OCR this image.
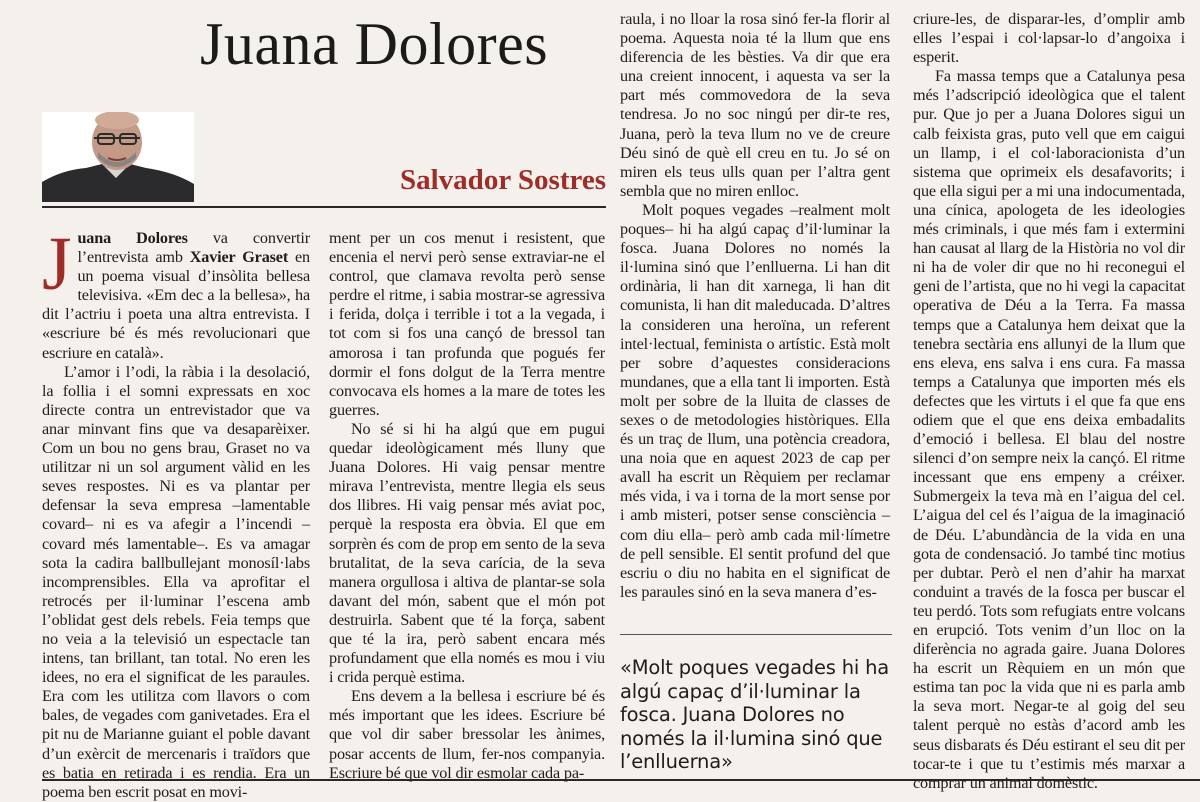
Juana Dolores
Salvador Sostres

Juana Dolores va convertir l’entrevista amb Xavier Graset en un poema visual d’insòlita bellesa televisiva. «Em dec a la bellesa», ha dit l’actriu i poeta una altra entrevista. I «escriure bé és més revolucionari que escriure en català».

L’amor i l’odi, la ràbia i la desolació, la follia i el somni expressats en xoc directe contra un entrevistador que va anar minvant fins que va desaparèixer. Com un bou no gens brau, Graset no va utilitzar ni un sol argument vàlid en les seves respostes. Ni es va plantar per defensar la seva empresa –lamentable covard– ni es va afegir a l’incendi –covard més lamentable–. Es va amagar sota la cadira ballbullejant monosíl·labs incomprensibles. Ella va aprofitar el retrocés per il·luminar l’escena amb l’oblidat gest dels rebels. Feia temps que no veia a la televisió un espectacle tan intens, tan brillant, tan total. No eren les idees, no era el significat de les paraules. Era com les utilitza com llavors o com bales, de vegades com ganivetades. Era el pit nu de Marianne guiant el poble davant d’un exèrcit de mercenaris i traïdors que es batia en retirada i es rendia. Era un poema ben escrit posat en movi-

ment per un cos menut i resistent, que encenia el nervi però sense extraviar-ne el control, que clamava revolta però sense perdre el ritme, i sabia mostrar-se agressiva i ferida, dolça i terrible i tot a la vegada, i tot com si fos una cançó de bressol tan amorosa i tan profunda que pogués fer dormir el fons dolgut de la Terra mentre convocava els homes a la mare de totes les guerres.

No sé si hi ha algú que em pugui quedar ideològicament més lluny que Juana Dolores. Hi vaig pensar mentre mirava l’entrevista, mentre llegia els seus dos llibres. Hi vaig pensar més aviat poc, perquè la resposta era òbvia. El que em sorprèn és com de prop em sento de la seva brutalitat, de la seva carícia, de la seva manera orgullosa i altiva de plantar-se sola davant del món, sabent que el món pot destruirla. Sabent que té la força, sabent que té la ira, però sabent encara més profundament que ella només es mou i viu i crida perquè estima.

Ens devem a la bellesa i escriure bé és més important que les idees. Escriure bé que vol dir saber bressolar les ànimes, posar accents de llum, fer-nos companyia. Escriure bé que vol dir esmolar cada pa-

raula, i no lloar la rosa sinó fer-la florir al poema. Aquesta noia té la llum que ens diferencia de les bèsties. Va dir que era una creient innocent, i aquesta va ser la part més commovedora de la seva tendresa. Jo no soc ningú per dir-te res, Juana, però la teva llum no ve de creure Déu sinó de què ell creu en tu. Jo sé on miren els teus ulls quan per l’altra gent sembla que no miren enlloc.

Molt poques vegades –realment molt poques– hi ha algú capaç d’il·luminar la fosca. Juana Dolores no només la il·lumina sinó que l’enlluerna. Li han dit ordinària, li han dit xarnega, li han dit comunista, li han dit maleducada. D’altres la consideren una heroïna, un referent intel·lectual, feminista o artístic. Està molt per sobre d’aquestes consideracions mundanes, que a ella tant li importen. Està molt per sobre de la lluita de classes de sexes o de metodologies històriques. Ella és un traç de llum, una potència creadora, una noia que en aquest 2023 de cap per avall ha escrit un Rèquiem per reclamar més vida, i va i torna de la mort sense por i amb misteri, potser sense consciència –com diu ella– però amb cada mil·límetre de pell sensible. El sentit profund del que escriu o diu no habita en el significat de les paraules sinó en la seva manera d’es-

«Molt poques vegades hi ha algú capaç d’il·luminar la fosca. Juana Dolores no només la il·lumina sinó que l’enlluerna»

criure-les, de disparar-les, d’omplir amb elles l’espai i col·lapsar-lo d’angoixa i esperit.

Fa massa temps que a Catalunya pesa més l’adscripció ideològica que el talent pur. Que jo per a Juana Dolores sigui un calb feixista gras, puto vell que em caigui un llamp, i el col·laboracionista d’un sistema que oprimeix els desafavorits; i que ella sigui per a mi una indocumentada, una cínica, apologeta de les ideologies més criminals, i que més fam i extermini han causat al llarg de la Història no vol dir ni ha de voler dir que no hi reconegui el geni de l’artista, que no hi vegi la capacitat operativa de Déu a la Terra. Fa massa temps que a Catalunya hem deixat que la tenebra sectària ens allunyi de la llum que ens eleva, ens salva i ens cura. Fa massa temps a Catalunya que importen més els defectes que les virtuts i el que fa que ens odiem que el que ens deixa embadalits d’emoció i bellesa. El blau del nostre silenci d’on sempre neix la cançó. El ritme incessant que ens empeny a créixer. Submergeix la teva mà en l’aigua del cel. L’aigua del cel és l’aigua de la imaginació de Déu. L’abundància de la vida en una gota de condensació. Jo també tinc motius per dubtar. Però el nen d’ahir ha marxat conduint a través de la fosca per buscar el teu perdó. Tots som refugiats entre volcans en erupció. Tots venim d’un lloc on la diferència no agrada gaire. Juana Dolores ha escrit un Rèquiem en un món que estima tan poc la vida que ni es parla amb la seva mort. Negar-te al goig del seu talent perquè no estàs d’acord amb les seus disbarats és Déu estirant el seu dit per tocar-te i que tu t’estimis més marxar a comprar un animal domèstic.
